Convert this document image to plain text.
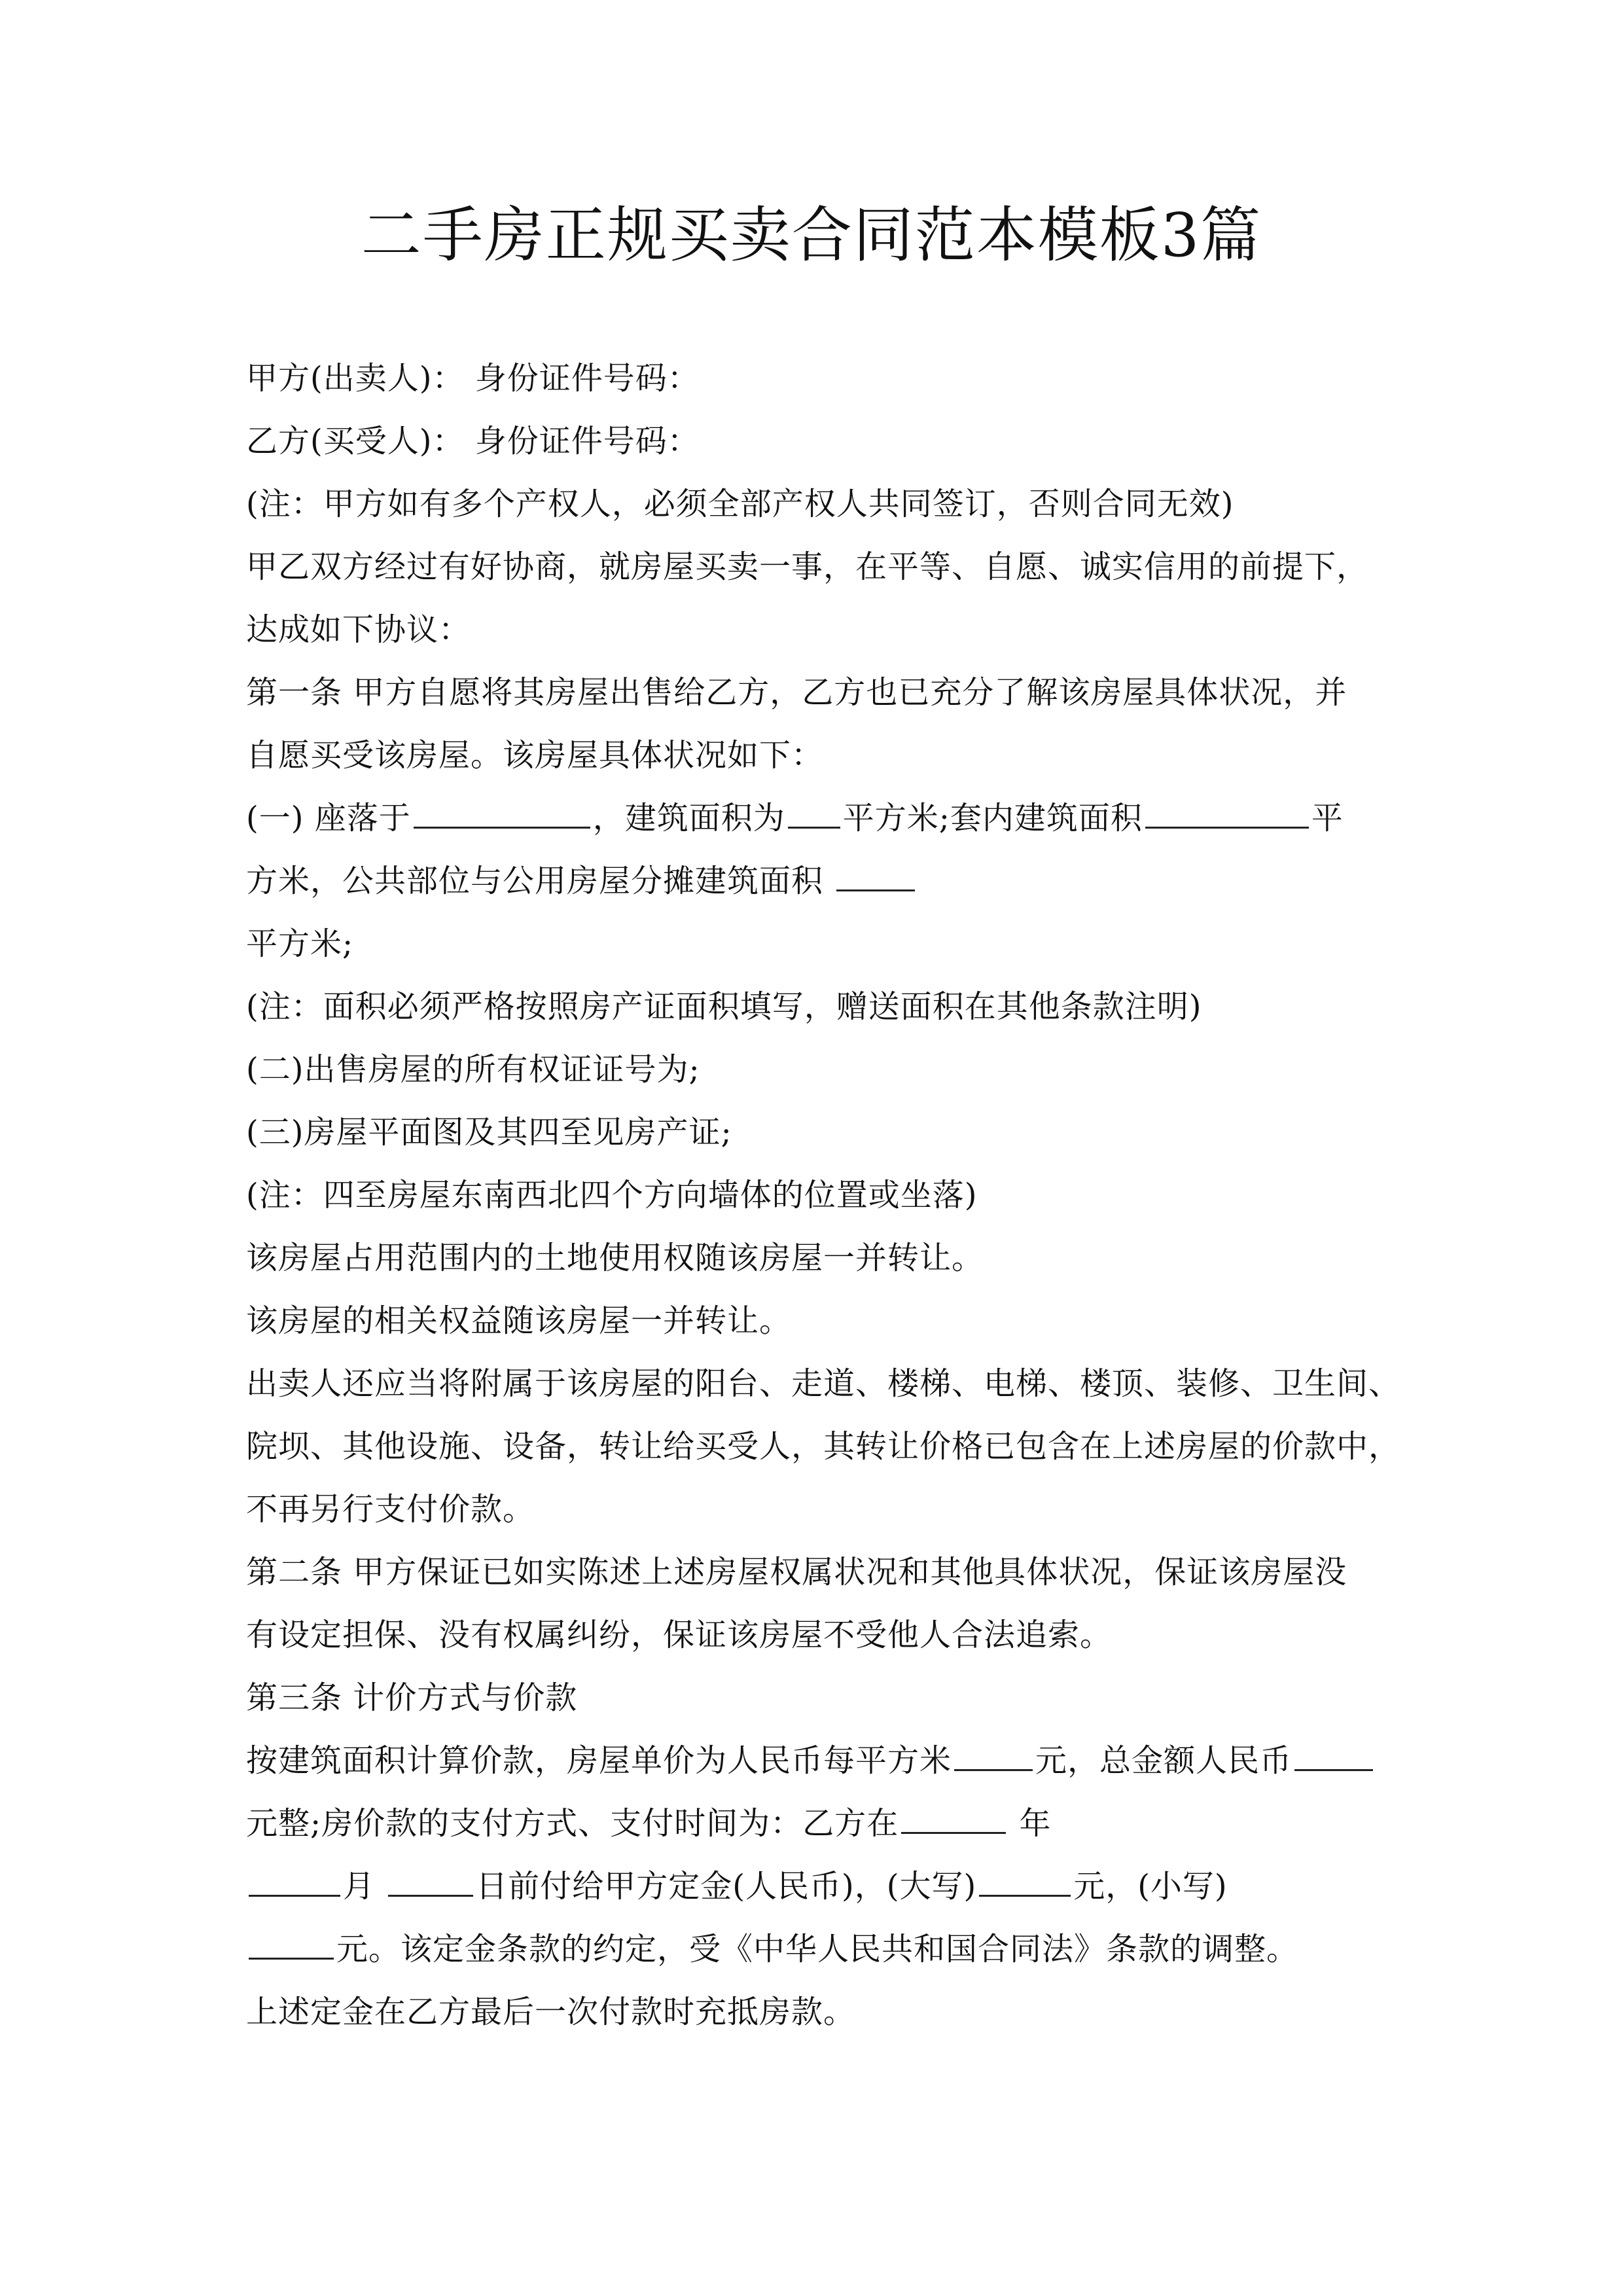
二手房正规买卖合同范本模板3篇
甲方(出卖人)： 身份证件号码：
乙方(买受人)： 身份证件号码：
(注：甲方如有多个产权人，必须全部产权人共同签订，否则合同无效)
甲乙双方经过有好协商，就房屋买卖一事，在平等、自愿、诚实信用的前提下，
达成如下协议：
第一条 甲方自愿将其房屋出售给乙方，乙方也已充分了解该房屋具体状况，并
自愿买受该房屋。该房屋具体状况如下：
(一) 座落于	，建筑面积为 平方米;套内建筑面积	平
方米，公共部位与公用房屋分摊建筑面积
平方米;
(注：面积必须严格按照房产证面积填写，赠送面积在其他条款注明)
(二)出售房屋的所有权证证号为;
(三)房屋平面图及其四至见房产证;
(注：四至房屋东南西北四个方向墙体的位置或坐落)
该房屋占用范围内的土地使用权随该房屋一并转让。
该房屋的相关权益随该房屋一并转让。
出卖人还应当将附属于该房屋的阳台、走道、楼梯、电梯、楼顶、装修、卫生间、
院坝、其他设施、设备，转让给买受人，其转让价格已包含在上述房屋的价款中，
不再另行支付价款。
第二条 甲方保证已如实陈述上述房屋权属状况和其他具体状况，保证该房屋没
有设定担保、没有权属纠纷，保证该房屋不受他人合法追索。
第三条 计价方式与价款
按建筑面积计算价款，房屋单价为人民币每平方米	元，总金额人民币
元整;房价款的支付方式、支付时间为：乙方在	年
月	日前付给甲方定金(人民币)，(大写)	元，(小写)
元。该定金条款的约定，受《中华人民共和国合同法》条款的调整。
上述定金在乙方最后一次付款时充抵房款。
